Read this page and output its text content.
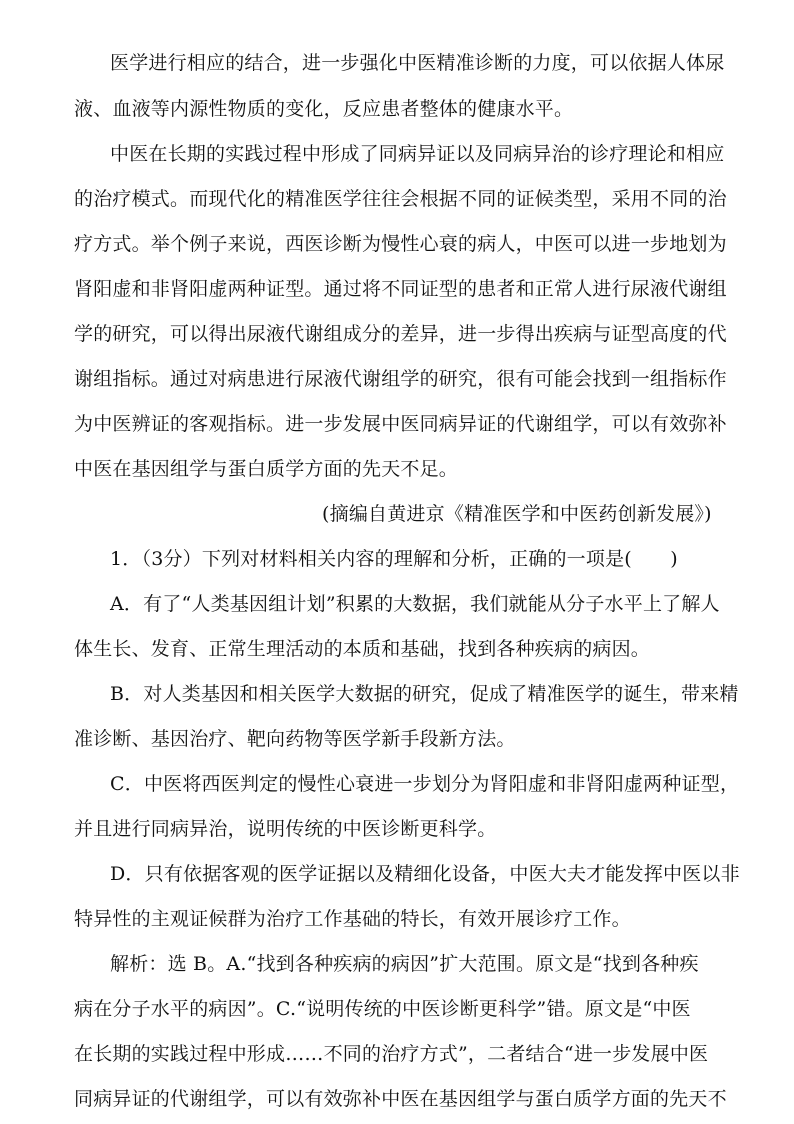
医学进行相应的结合，进一步强化中医精准诊断的力度，可以依据人体尿

液、血液等内源性物质的变化，反应患者整体的健康水平。

中医在长期的实践过程中形成了同病异证以及同病异治的诊疗理论和相应

的治疗模式。而现代化的精准医学往往会根据不同的证候类型，采用不同的治

疗方式。举个例子来说，西医诊断为慢性心衰的病人，中医可以进一步地划为

肾阳虚和非肾阳虚两种证型。通过将不同证型的患者和正常人进行尿液代谢组

学的研究，可以得出尿液代谢组成分的差异，进一步得出疾病与证型高度的代

谢组指标。通过对病患进行尿液代谢组学的研究，很有可能会找到一组指标作

为中医辨证的客观指标。进一步发展中医同病异证的代谢组学，可以有效弥补

中医在基因组学与蛋白质学方面的先天不足。

(摘编自黄进京《精准医学和中医药创新发展》)

1．（3分）下列对材料相关内容的理解和分析，正确的一项是(　　)

A．有了“人类基因组计划”积累的大数据，我们就能从分子水平上了解人

体生长、发育、正常生理活动的本质和基础，找到各种疾病的病因。

B．对人类基因和相关医学大数据的研究，促成了精准医学的诞生，带来精

准诊断、基因治疗、靶向药物等医学新手段新方法。

C．中医将西医判定的慢性心衰进一步划分为肾阳虚和非肾阳虚两种证型，

并且进行同病异治，说明传统的中医诊断更科学。

D．只有依据客观的医学证据以及精细化设备，中医大夫才能发挥中医以非

特异性的主观证候群为治疗工作基础的特长，有效开展诊疗工作。

解析：选 B。A.“找到各种疾病的病因”扩大范围。原文是“找到各种疾

病在分子水平的病因”。C.“说明传统的中医诊断更科学”错。原文是“中医

在长期的实践过程中形成……不同的治疗方式”，二者结合“进一步发展中医

同病异证的代谢组学，可以有效弥补中医在基因组学与蛋白质学方面的先天不
